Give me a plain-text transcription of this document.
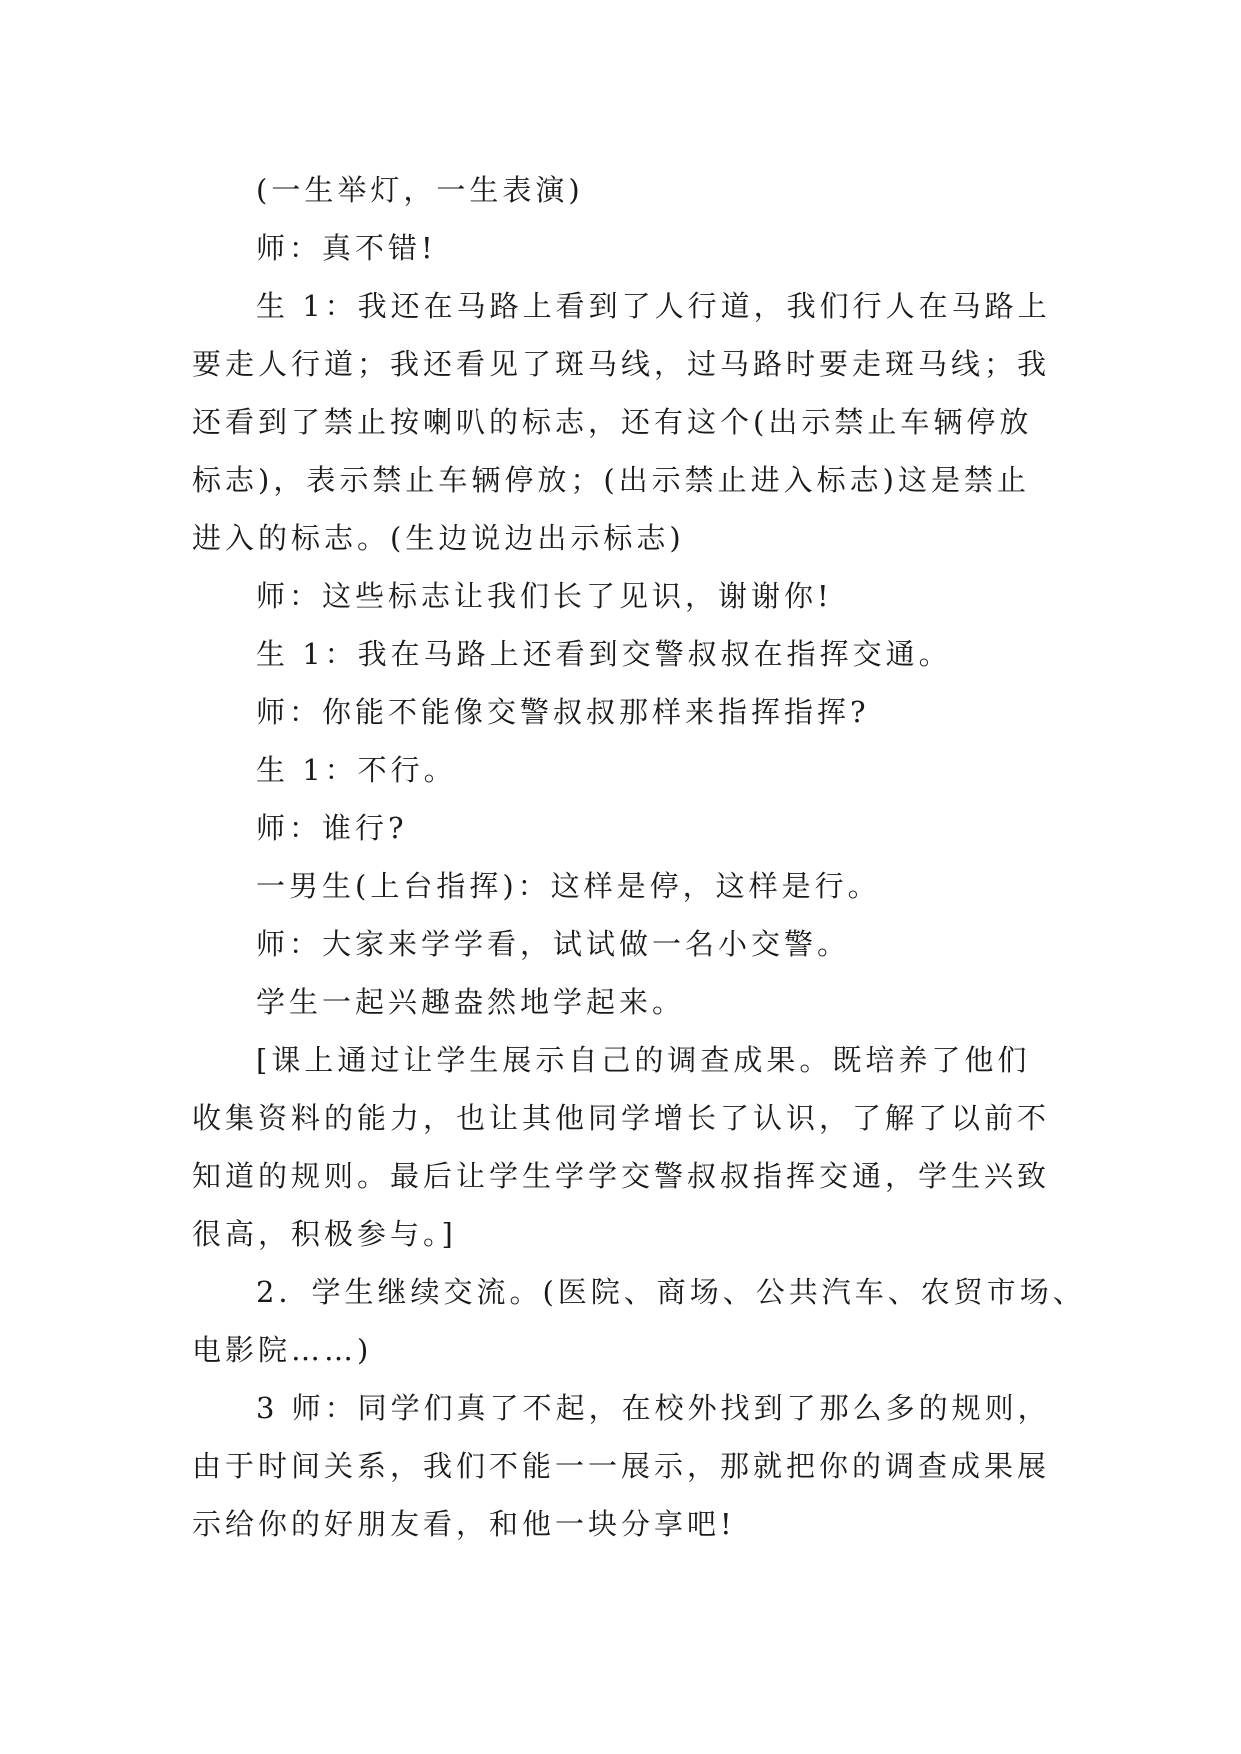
(一生举灯，一生表演)

师：真不错!

生 1：我还在马路上看到了人行道，我们行人在马路上

要走人行道；我还看见了斑马线，过马路时要走斑马线；我

还看到了禁止按喇叭的标志，还有这个(出示禁止车辆停放

标志)，表示禁止车辆停放；(出示禁止进入标志)这是禁止

进入的标志。(生边说边出示标志)

师：这些标志让我们长了见识，谢谢你!

生 1：我在马路上还看到交警叔叔在指挥交通。

师：你能不能像交警叔叔那样来指挥指挥?

生 1：不行。

师：谁行?

一男生(上台指挥)：这样是停，这样是行。

师：大家来学学看，试试做一名小交警。

学生一起兴趣盎然地学起来。

[课上通过让学生展示自己的调查成果。既培养了他们

收集资料的能力，也让其他同学增长了认识，了解了以前不

知道的规则。最后让学生学学交警叔叔指挥交通，学生兴致

很高，积极参与。]

2．学生继续交流。(医院、商场、公共汽车、农贸市场、

电影院……)

3 师：同学们真了不起，在校外找到了那么多的规则，

由于时间关系，我们不能一一展示，那就把你的调查成果展

示给你的好朋友看，和他一块分享吧!
